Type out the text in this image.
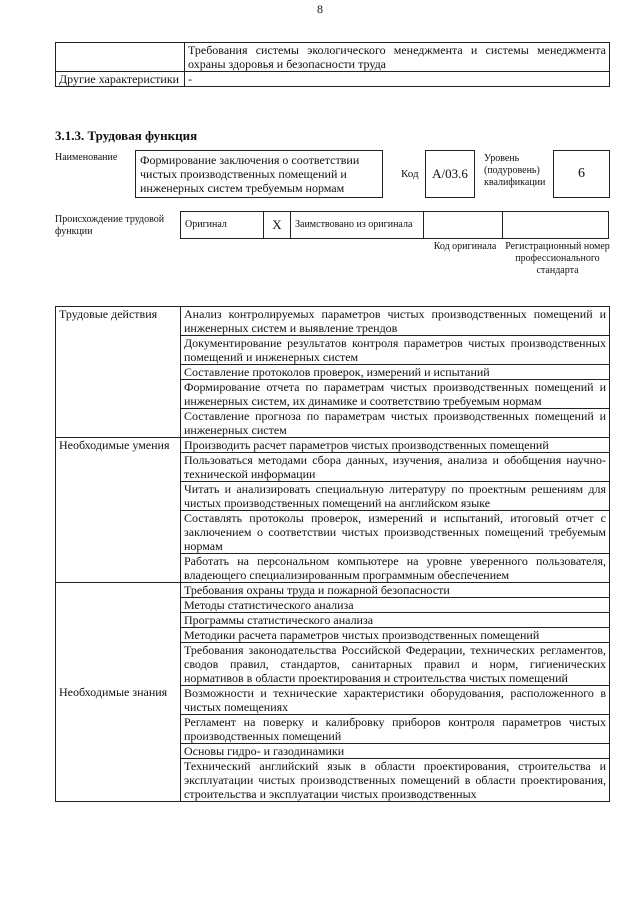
8
	Требования системы экологического менеджмента и системы менеджмента охраны здоровья и безопасности труда
Другие характеристики	-
3.1.3. Трудовая функция
Наименование	Формирование заключения о соответствии чистых производственных помещений и инженерных систем требуемым нормам
Код	А/03.6
Уровень (подуровень) квалификации
6
Происхождение трудовой функции
Оригинал	X	Заимствовано из оригинала		
Код оригинала Регистрационный номер профессионального стандарта
Трудовые действия	Анализ контролируемых параметров чистых производственных помещений и инженерных систем и выявление трендов
	Документирование результатов контроля параметров чистых производственных помещений и инженерных систем
	Составление протоколов проверок, измерений и испытаний
	Формирование отчета по параметрам чистых производственных помещений и инженерных систем, их динамике и соответствию требуемым нормам
	Составление прогноза по параметрам чистых производственных помещений и инженерных систем
Необходимые умения	Производить расчет параметров чистых производственных помещений
	Пользоваться методами сбора данных, изучения, анализа и обобщения научно-технической информации
	Читать и анализировать специальную литературу по проектным решениям для чистых производственных помещений на английском языке
	Составлять протоколы проверок, измерений и испытаний, итоговый отчет с заключением о соответствии чистых производственных помещений требуемым нормам
	Работать на персональном компьютере на уровне уверенного пользователя, владеющего специализированным программным обеспечением
Необходимые знания	Требования охраны труда и пожарной безопасности
	Методы статистического анализа
	Программы статистического анализа
	Методики расчета параметров чистых производственных помещений
	Требования законодательства Российской Федерации, технических регламентов, сводов правил, стандартов, санитарных правил и норм, гигиенических нормативов в области проектирования и строительства чистых помещений
	Возможности и технические характеристики оборудования, расположенного в чистых помещениях
	Регламент на поверку и калибровку приборов контроля параметров чистых производственных помещений
	Основы гидро- и газодинамики
	Технический английский язык в области проектирования, строительства и эксплуатации чистых производственных помещений в области проектирования, строительства и эксплуатации чистых производственных
